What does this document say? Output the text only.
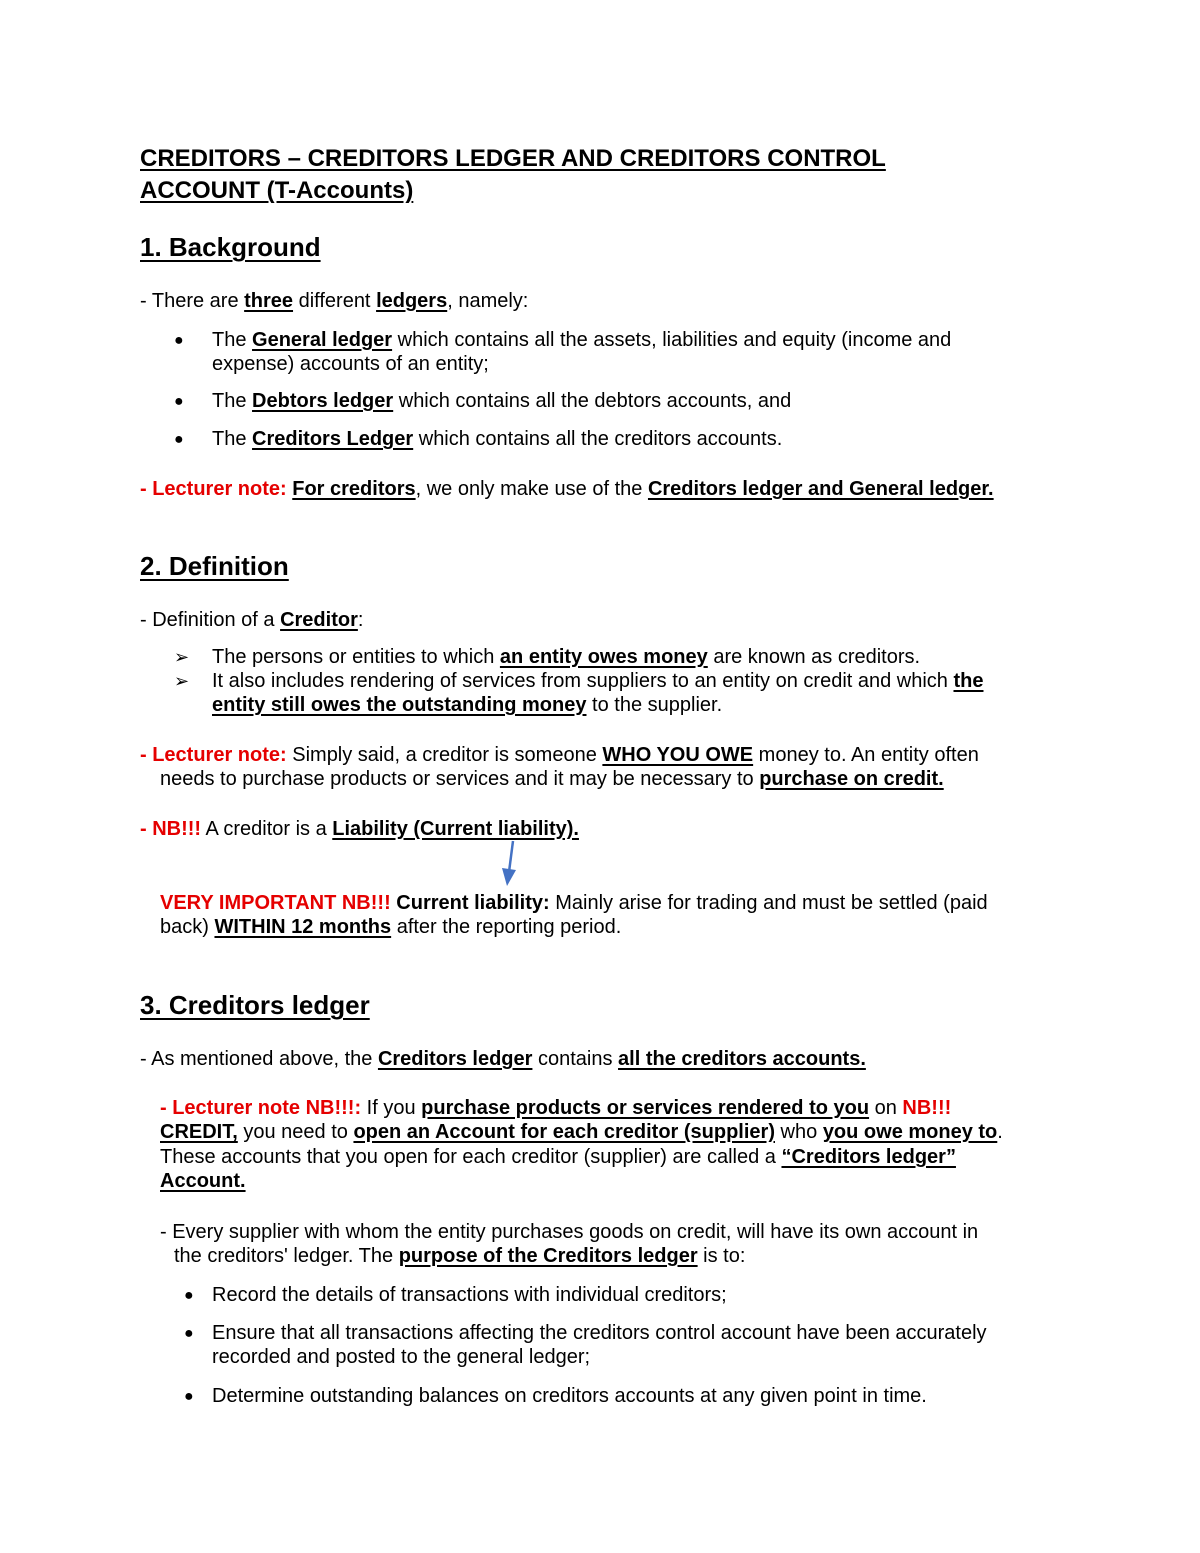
CREDITORS – CREDITORS LEDGER AND CREDITORS CONTROL
ACCOUNT (T-Accounts)
1. Background
- There are three different ledgers, namely:
● The General ledger which contains all the assets, liabilities and equity (income and
expense) accounts of an entity;
● The Debtors ledger which contains all the debtors accounts, and
● The Creditors Ledger which contains all the creditors accounts.
- Lecturer note: For creditors, we only make use of the Creditors ledger and General ledger.
2. Definition
- Definition of a Creditor:
➢ The persons or entities to which an entity owes money are known as creditors.
➢ It also includes rendering of services from suppliers to an entity on credit and which the
entity still owes the outstanding money to the supplier.
- Lecturer note: Simply said, a creditor is someone WHO YOU OWE money to. An entity often
needs to purchase products or services and it may be necessary to purchase on credit.
- NB!!! A creditor is a Liability (Current liability).
VERY IMPORTANT NB!!! Current liability: Mainly arise for trading and must be settled (paid
back) WITHIN 12 months after the reporting period.
3. Creditors ledger
- As mentioned above, the Creditors ledger contains all the creditors accounts.
- Lecturer note NB!!!: If you purchase products or services rendered to you on NB!!!
CREDIT, you need to open an Account for each creditor (supplier) who you owe money to.
These accounts that you open for each creditor (supplier) are called a “Creditors ledger”
Account.
- Every supplier with whom the entity purchases goods on credit, will have its own account in
the creditors' ledger. The purpose of the Creditors ledger is to:
● Record the details of transactions with individual creditors;
● Ensure that all transactions affecting the creditors control account have been accurately
recorded and posted to the general ledger;
● Determine outstanding balances on creditors accounts at any given point in time.
